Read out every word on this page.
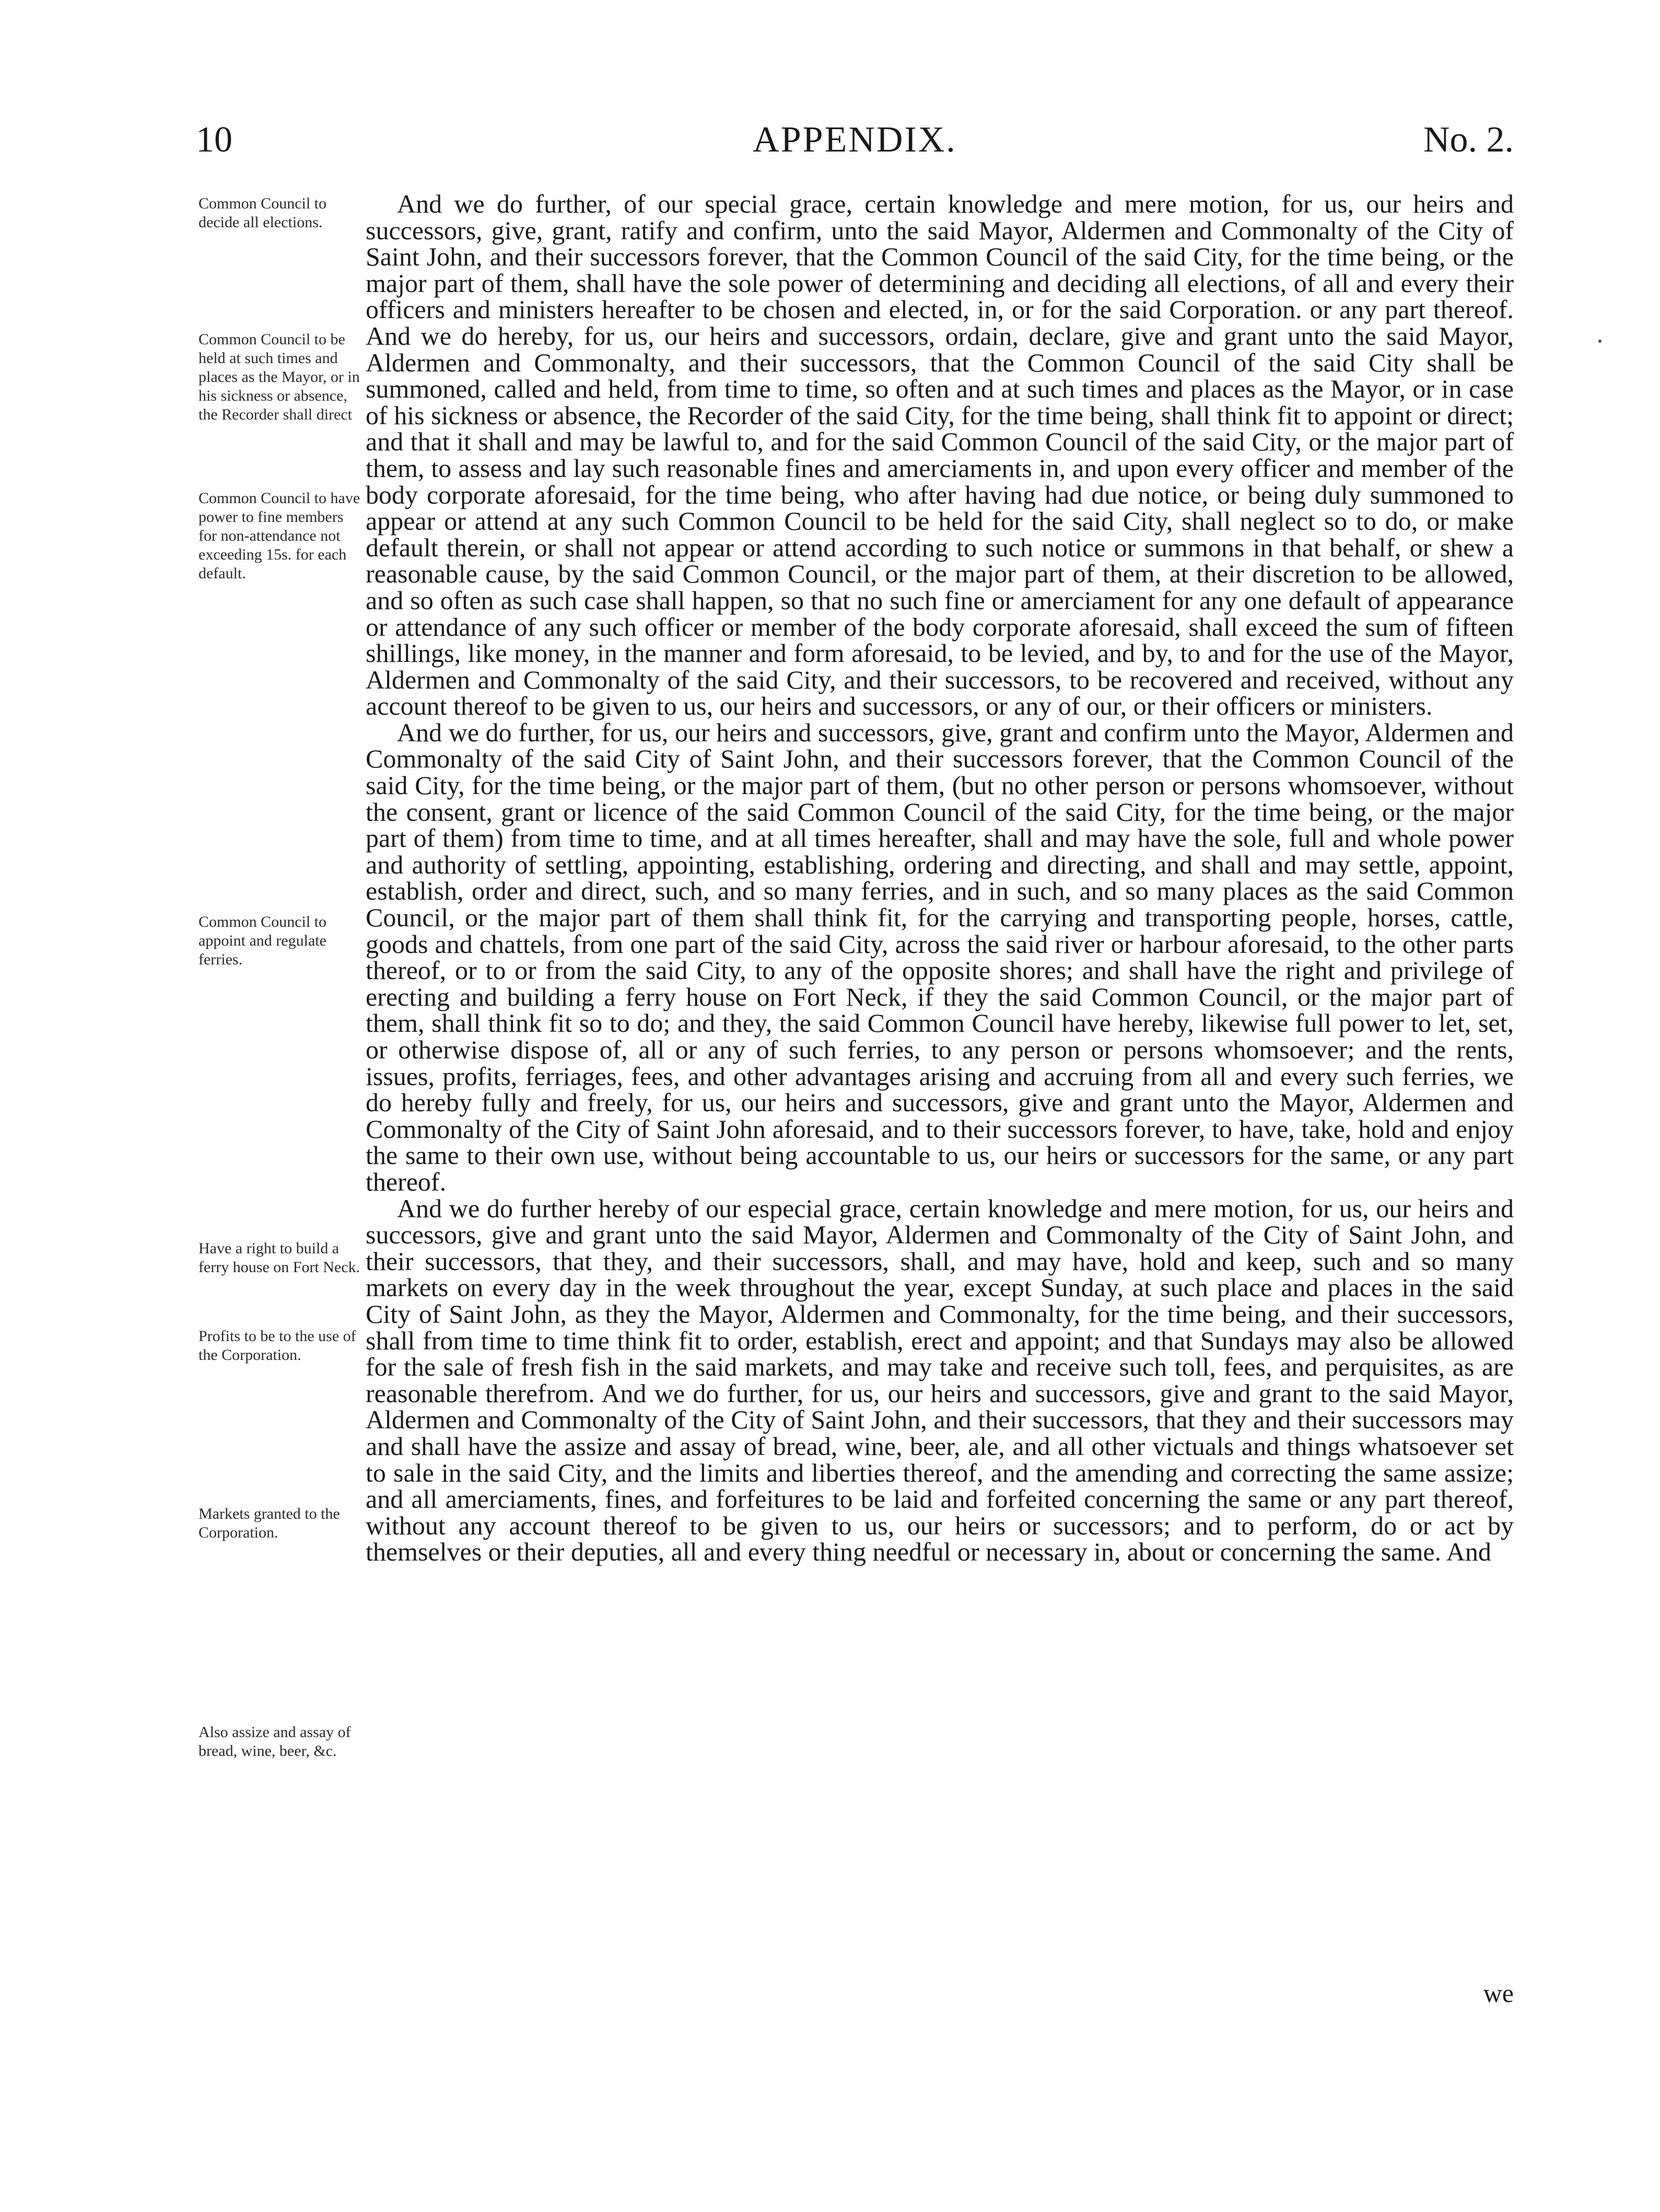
10	APPENDIX.	No. 2.
Common Council to decide all elections.
Common Council to be held at such times and places as the Mayor, or in his sickness or absence, the Recorder shall direct
Common Council to have power to fine members for non-attendance not exceeding 15s. for each default.
Common Council to appoint and regulate ferries.
Have a right to build a ferry house on Fort Neck.
Profits to be to the use of the Corporation.
Markets granted to the Corporation.
Also assize and assay of bread, wine, beer, &c.

And we do further, of our special grace, certain knowledge and mere motion, for us, our heirs and successors, give, grant, ratify and confirm, unto the said Mayor, Aldermen and Commonalty of the City of Saint John, and their successors forever, that the Common Council of the said City, for the time being, or the major part of them, shall have the sole power of determining and deciding all elections, of all and every their officers and ministers hereafter to be chosen and elected, in, or for the said Corporation. or any part thereof. And we do hereby, for us, our heirs and successors, ordain, declare, give and grant unto the said Mayor, Aldermen and Commonalty, and their successors, that the Common Council of the said City shall be summoned, called and held, from time to time, so often and at such times and places as the Mayor, or in case of his sickness or absence, the Recorder of the said City, for the time being, shall think fit to appoint or direct; and that it shall and may be lawful to, and for the said Common Council of the said City, or the major part of them, to assess and lay such reasonable fines and amerciaments in, and upon every officer and member of the body corporate aforesaid, for the time being, who after having had due notice, or being duly summoned to appear or attend at any such Common Council to be held for the said City, shall neglect so to do, or make default therein, or shall not appear or attend according to such notice or summons in that behalf, or shew a reasonable cause, by the said Common Council, or the major part of them, at their discretion to be allowed, and so often as such case shall happen, so that no such fine or amerciament for any one default of appearance or attendance of any such officer or member of the body corporate aforesaid, shall exceed the sum of fifteen shillings, like money, in the manner and form aforesaid, to be levied, and by, to and for the use of the Mayor, Aldermen and Commonalty of the said City, and their successors, to be recovered and received, without any account thereof to be given to us, our heirs and successors, or any of our, or their officers or ministers.

And we do further, for us, our heirs and successors, give, grant and confirm unto the Mayor, Aldermen and Commonalty of the said City of Saint John, and their successors forever, that the Common Council of the said City, for the time being, or the major part of them, (but no other person or persons whomsoever, without the consent, grant or licence of the said Common Council of the said City, for the time being, or the major part of them) from time to time, and at all times hereafter, shall and may have the sole, full and whole power and authority of settling, appointing, establishing, ordering and directing, and shall and may settle, appoint, establish, order and direct, such, and so many ferries, and in such, and so many places as the said Common Council, or the major part of them shall think fit, for the carrying and transporting people, horses, cattle, goods and chattels, from one part of the said City, across the said river or harbour aforesaid, to the other parts thereof, or to or from the said City, to any of the opposite shores; and shall have the right and privilege of erecting and building a ferry house on Fort Neck, if they the said Common Council, or the major part of them, shall think fit so to do; and they, the said Common Council have hereby, likewise full power to let, set, or otherwise dispose of, all or any of such ferries, to any person or persons whomsoever; and the rents, issues, profits, ferriages, fees, and other advantages arising and accruing from all and every such ferries, we do hereby fully and freely, for us, our heirs and successors, give and grant unto the Mayor, Aldermen and Commonalty of the City of Saint John aforesaid, and to their successors forever, to have, take, hold and enjoy the same to their own use, without being accountable to us, our heirs or successors for the same, or any part thereof.

And we do further hereby of our especial grace, certain knowledge and mere motion, for us, our heirs and successors, give and grant unto the said Mayor, Aldermen and Commonalty of the City of Saint John, and their successors, that they, and their successors, shall, and may have, hold and keep, such and so many markets on every day in the week throughout the year, except Sunday, at such place and places in the said City of Saint John, as they the Mayor, Aldermen and Commonalty, for the time being, and their successors, shall from time to time think fit to order, establish, erect and appoint; and that Sundays may also be allowed for the sale of fresh fish in the said markets, and may take and receive such toll, fees, and perquisites, as are reasonable therefrom. And we do further, for us, our heirs and successors, give and grant to the said Mayor, Aldermen and Commonalty of the City of Saint John, and their successors, that they and their successors may and shall have the assize and assay of bread, wine, beer, ale, and all other victuals and things whatsoever set to sale in the said City, and the limits and liberties thereof, and the amending and correcting the same assize; and all amerciaments, fines, and forfeitures to be laid and forfeited concerning the same or any part thereof, without any account thereof to be given to us, our heirs or successors; and to perform, do or act by themselves or their deputies, all and every thing needful or necessary in, about or concerning the same. And

we
